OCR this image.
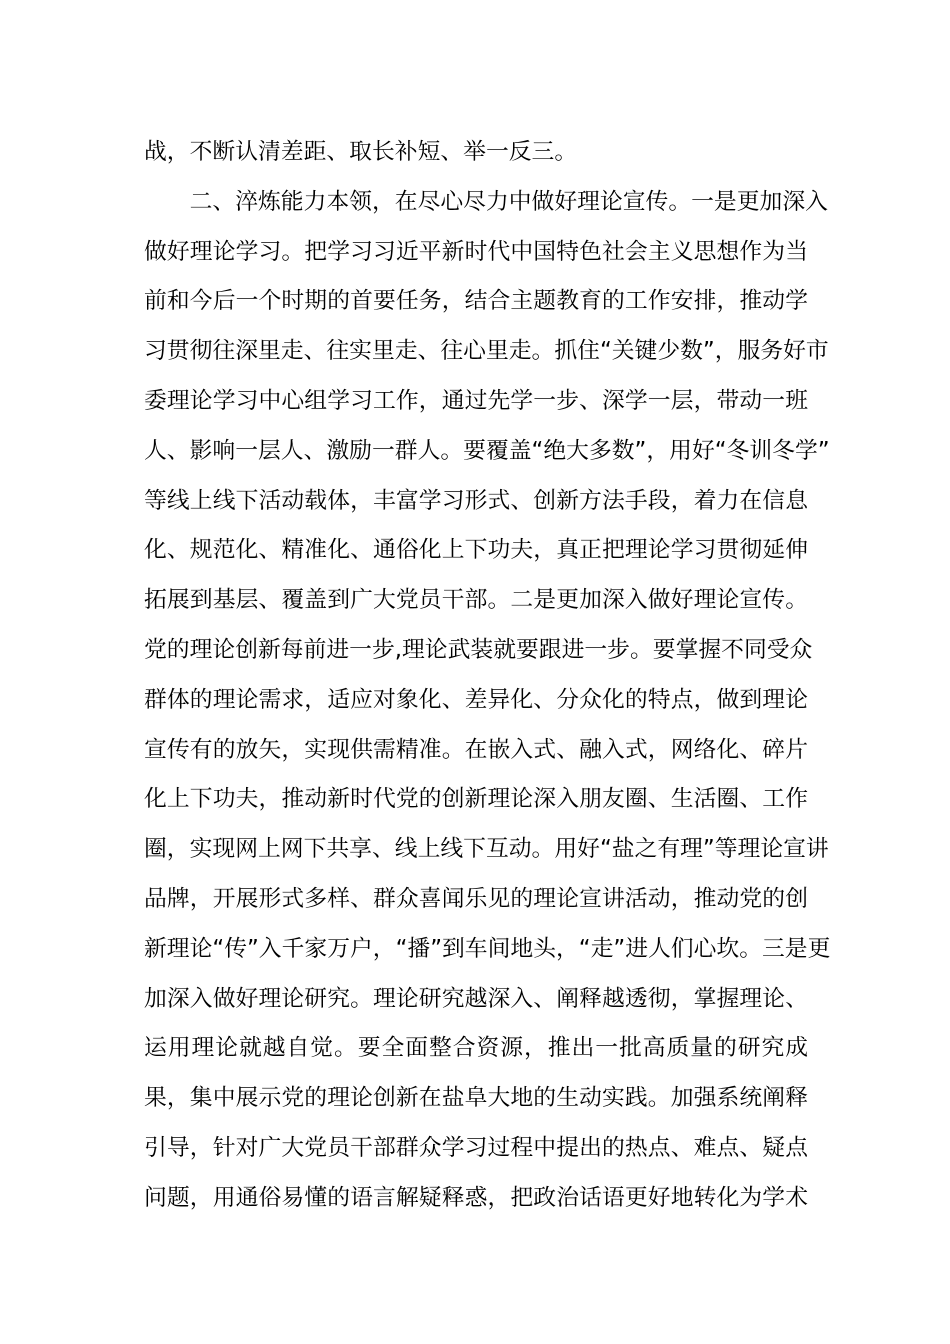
战，不断认清差距、取长补短、举一反三。
　　二、淬炼能力本领，在尽心尽力中做好理论宣传。一是更加深入
做好理论学习。把学习习近平新时代中国特色社会主义思想作为当
前和今后一个时期的首要任务，结合主题教育的工作安排，推动学
习贯彻往深里走、往实里走、往心里走。抓住“关键少数”，服务好市
委理论学习中心组学习工作，通过先学一步、深学一层，带动一班
人、影响一层人、激励一群人。要覆盖“绝大多数”，用好“冬训冬学”
等线上线下活动载体，丰富学习形式、创新方法手段，着力在信息
化、规范化、精准化、通俗化上下功夫，真正把理论学习贯彻延伸
拓展到基层、覆盖到广大党员干部。二是更加深入做好理论宣传。
党的理论创新每前进一步,理论武装就要跟进一步。要掌握不同受众
群体的理论需求，适应对象化、差异化、分众化的特点，做到理论
宣传有的放矢，实现供需精准。在嵌入式、融入式，网络化、碎片
化上下功夫，推动新时代党的创新理论深入朋友圈、生活圈、工作
圈，实现网上网下共享、线上线下互动。用好“盐之有理”等理论宣讲
品牌，开展形式多样、群众喜闻乐见的理论宣讲活动，推动党的创
新理论“传”入千家万户，“播”到车间地头，“走”进人们心坎。三是更
加深入做好理论研究。理论研究越深入、阐释越透彻，掌握理论、
运用理论就越自觉。要全面整合资源，推出一批高质量的研究成
果，集中展示党的理论创新在盐阜大地的生动实践。加强系统阐释
引导，针对广大党员干部群众学习过程中提出的热点、难点、疑点
问题，用通俗易懂的语言解疑释惑，把政治话语更好地转化为学术
